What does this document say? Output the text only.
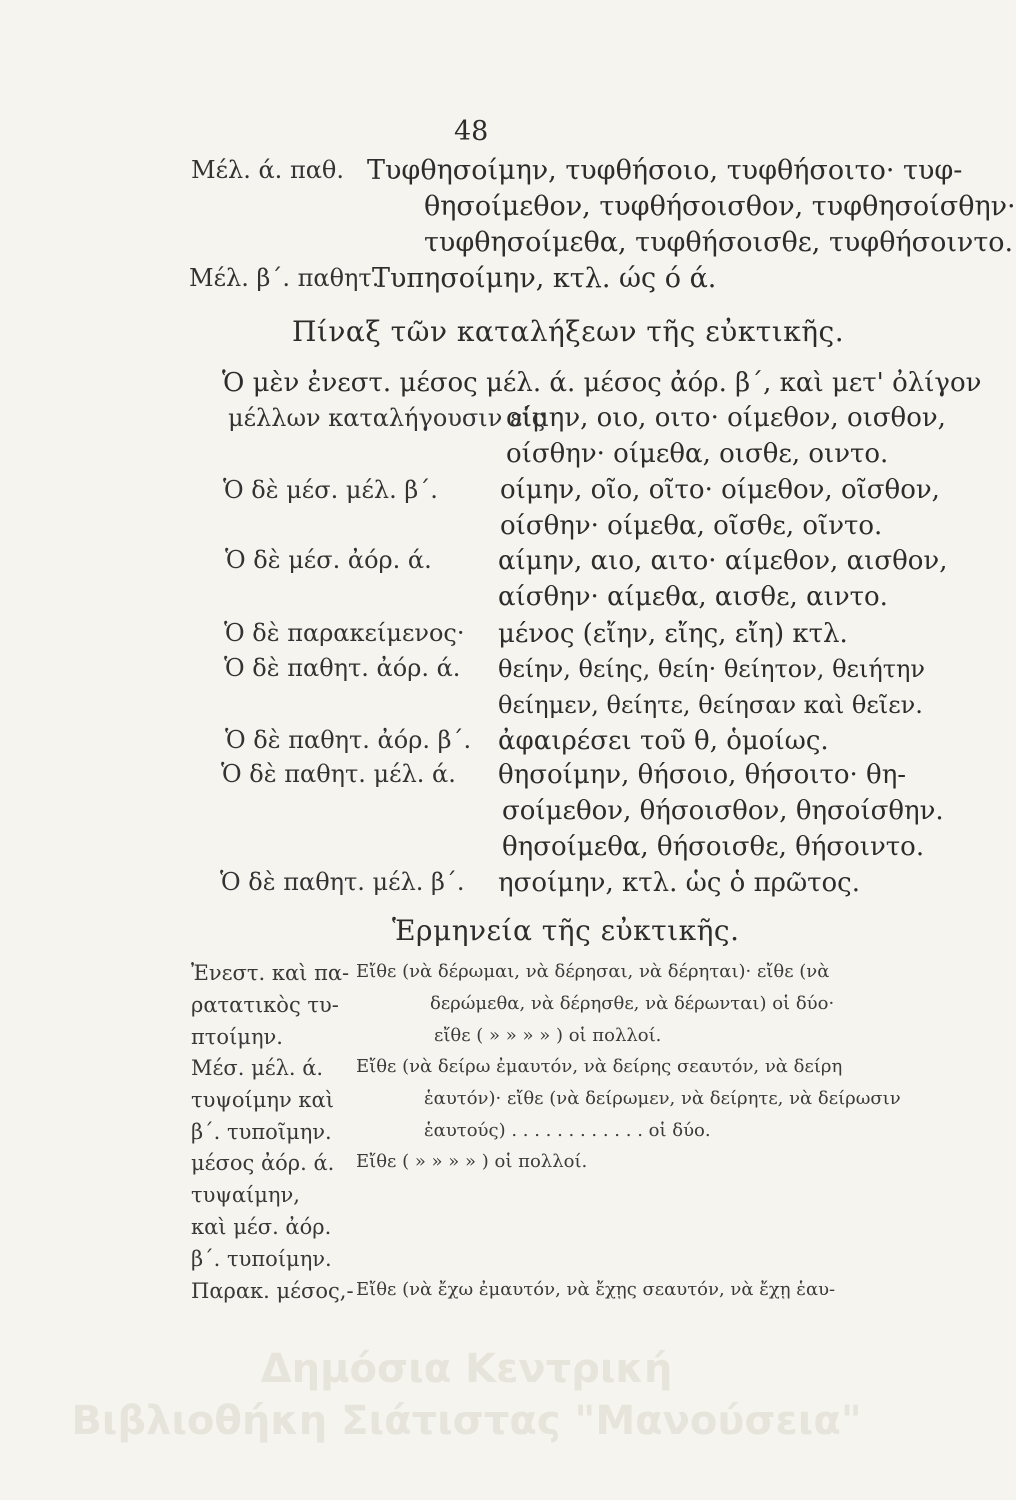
48
Μέλ. ά. παθ. Τυφθησοίμην, τυφθήσοιο, τυφθήσοιτο· τυφ-
θησοίμεθον, τυφθήσοισθον, τυφθησοίσθην·
τυφθησοίμεθα, τυφθήσοισθε, τυφθήσοιντο.
Μέλ. β΄. παθητ.
Τυπησοίμην, κτλ. ώς ό ά.
Πίναξ τῶν καταλήξεων τῆς εὐκτικῆς.
Ὁ μὲν ἐνεστ. μέσος μέλ. ά. μέσος ἀόρ. β΄, καὶ μετ' ὀλίγον
μέλλων καταλήγουσιν εἰς
οίμην, οιο, οιτο· οίμεθον, οισθον,
οίσθην· οίμεθα, οισθε, οιντο.
Ὁ δὲ μέσ. μέλ. β΄. οίμην, οῖο, οῖτο· οίμεθον, οῖσθον,
οίσθην· οίμεθα, οῖσθε, οῖντο.
Ὁ δὲ μέσ. ἀόρ. ά.	αίμην, αιο, αιτο· αίμεθον, αισθον,
αίσθην· αίμεθα, αισθε, αιντο.
Ὁ δὲ παρακείμενος· μένος (εἴην, εἴης, εἴη) κτλ.
Ὁ δὲ παθητ. ἀόρ. ά. θείην, θείης, θείη· θείητον, θειήτην
θείημεν, θείητε, θείησαν καὶ θεῖεν.
Ὁ δὲ παθητ. ἀόρ. β΄. ἀφαιρέσει τοῦ θ, ὁμοίως.
Ὁ δὲ παθητ. μέλ. ά. θησοίμην, θήσοιο, θήσοιτο· θη-
σοίμεθον, θήσοισθον, θησοίσθην.
θησοίμεθα, θήσοισθε, θήσοιντο.
Ὁ δὲ παθητ. μέλ. β΄. ησοίμην, κτλ. ὡς ὁ πρῶτος.
Ἑρμηνεία τῆς εὐκτικῆς.
Ἐνεστ. καὶ πα-
ρατατικὸς τυ-
πτοίμην.
Μέσ. μέλ. ά.
τυψοίμην καὶ
β΄. τυποῖμην.
μέσος ἀόρ. ά.
τυψαίμην,
καὶ μέσ. ἀόρ.
β΄. τυποίμην.
Παρακ. μέσος,-
Εἴθε (νὰ δέρωμαι, νὰ δέρησαι, νὰ δέρηται)· εἴθε (νὰ
δερώμεθα, νὰ δέρησθε, νὰ δέρωνται) οἱ δύο·
εἴθε ( » » » » ) οἱ πολλοί.
Εἴθε (νὰ δείρω ἐμαυτόν, νὰ δείρης σεαυτόν, νὰ δείρη
ἑαυτόν)· εἴθε (νὰ δείρωμεν, νὰ δείρητε, νὰ δείρωσιν
ἑαυτούς) . . . . . . . . . . . . οἱ δύο.
Εἴθε ( » » » » ) οἱ πολλοί.
Εἴθε (νὰ ἔχω ἐμαυτόν, νὰ ἔχῃς σεαυτόν, νὰ ἔχῃ ἑαυ-
Δημόσια Κεντρική
Βιβλιοθήκη Σιάτιστας "Μανούσεια"
